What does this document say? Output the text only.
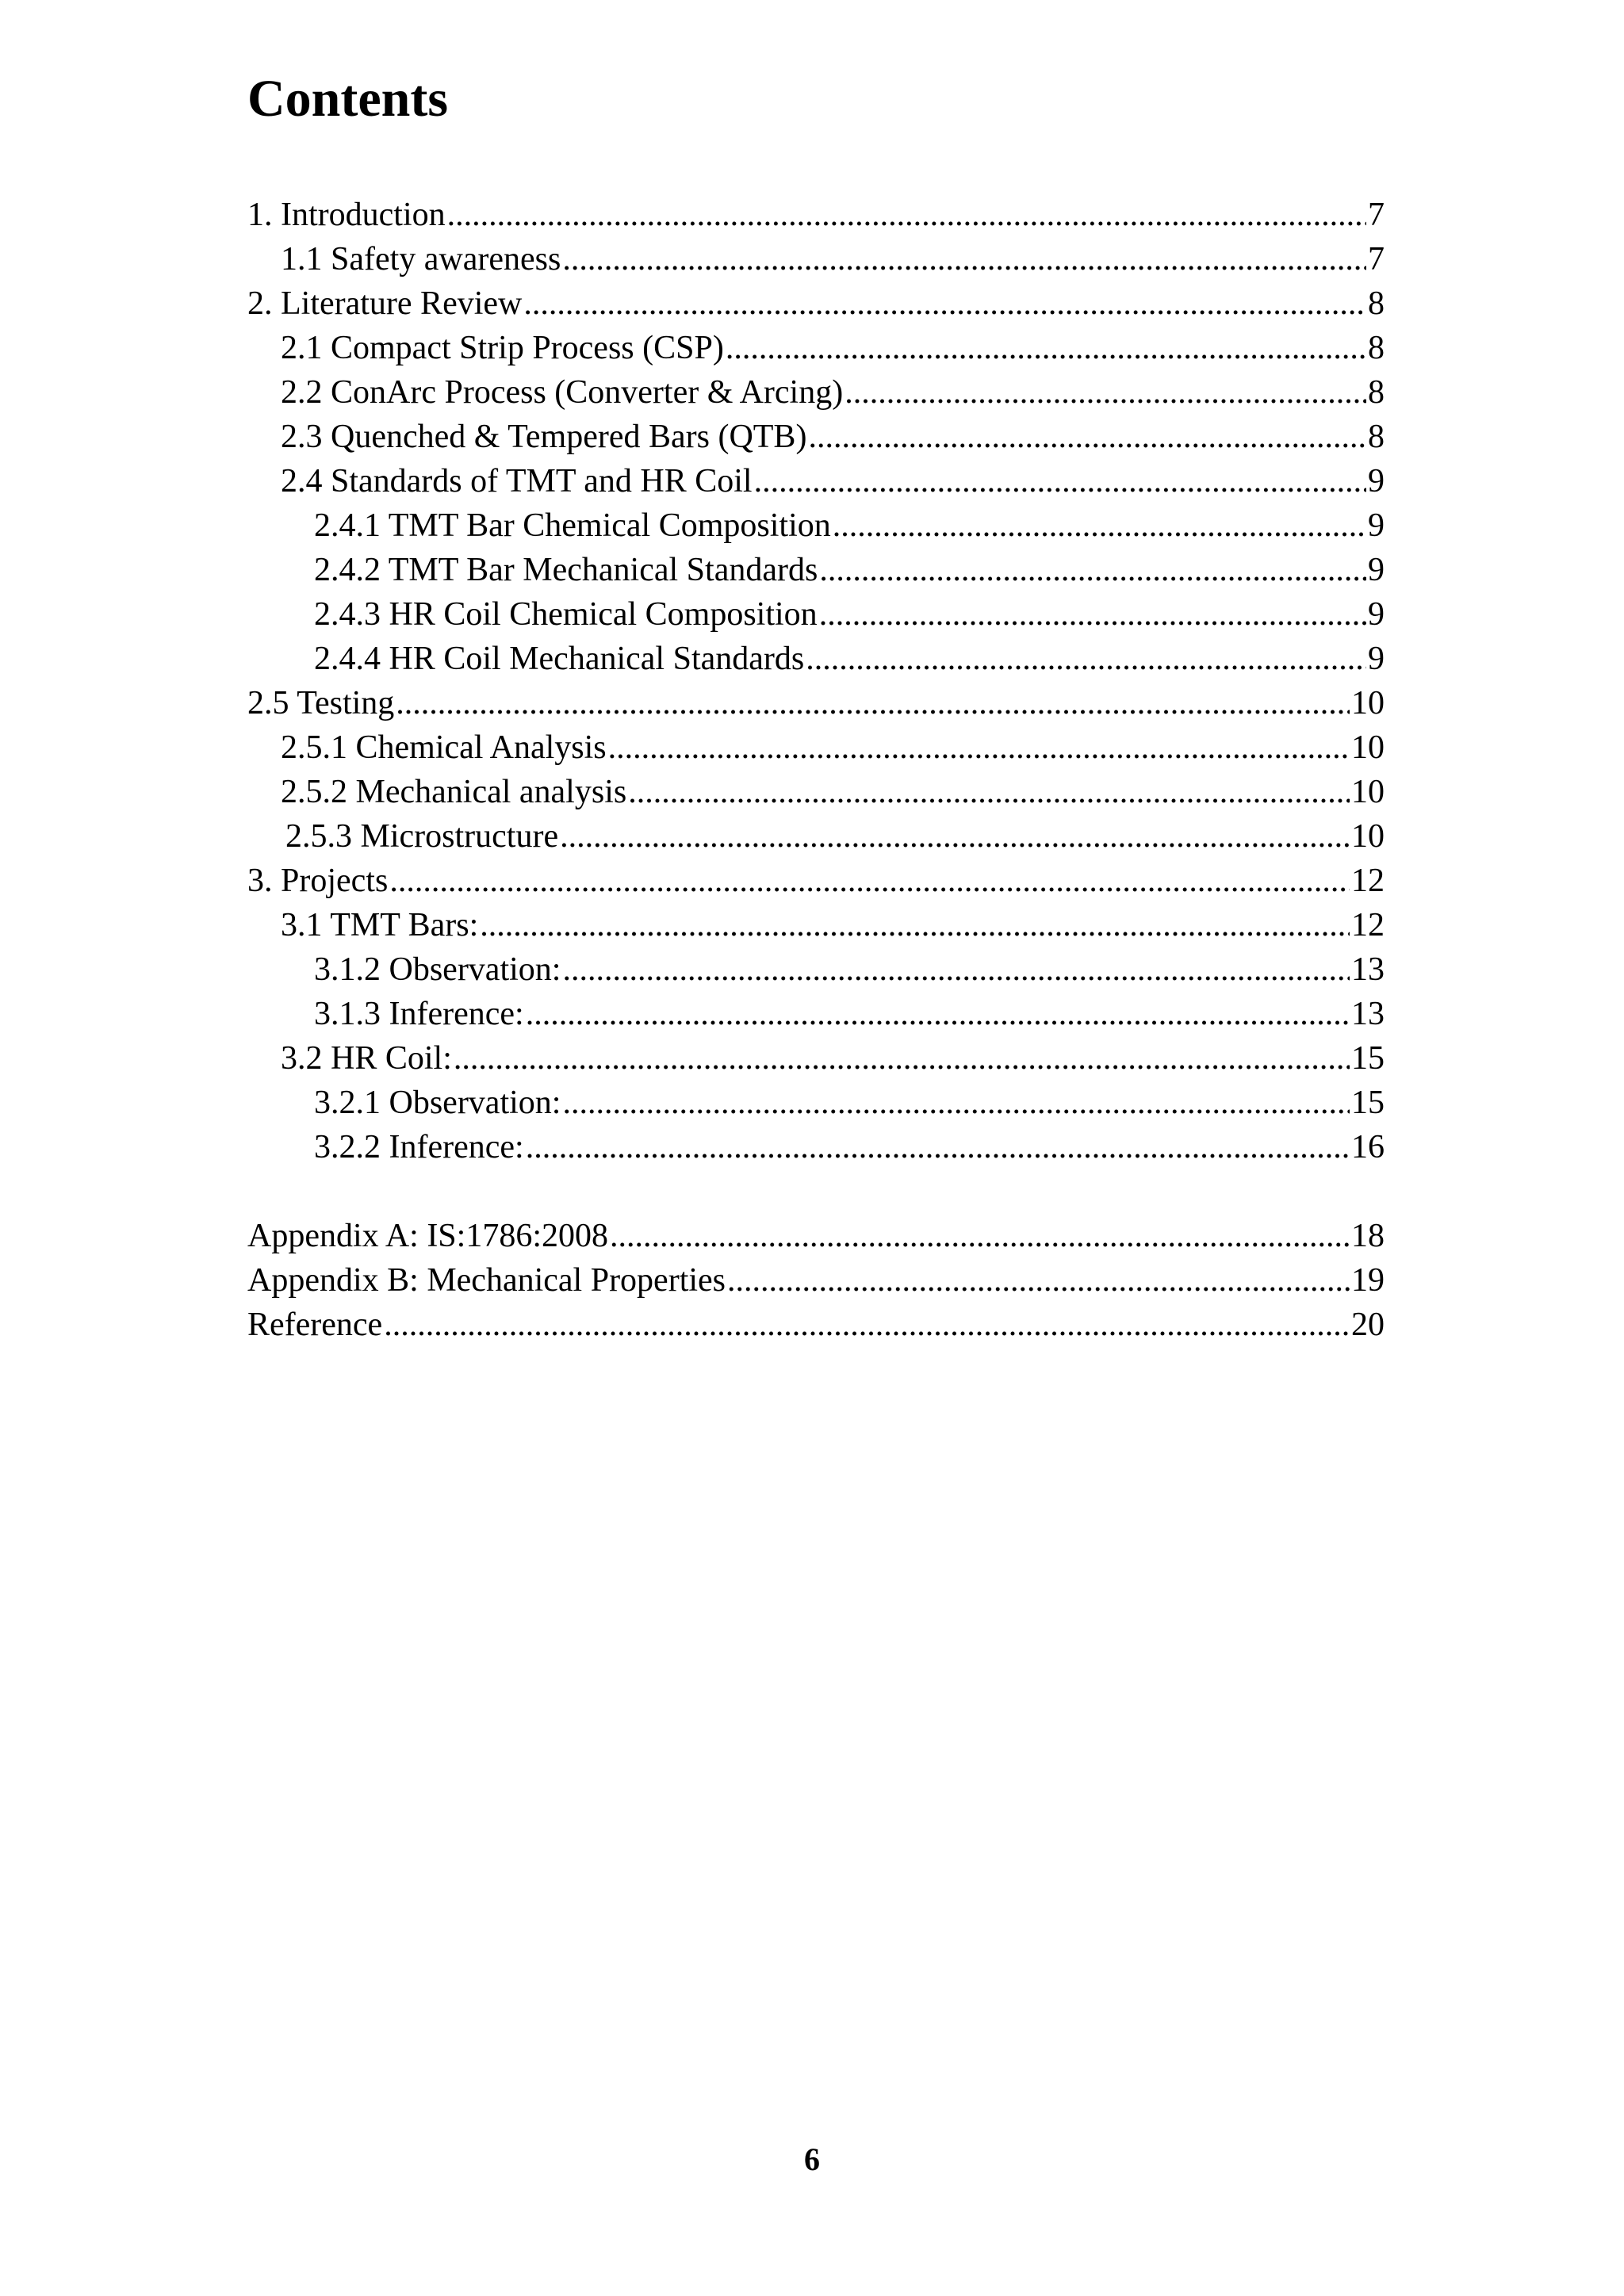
Contents
1. Introduction .....	7
1.1 Safety awareness .....	7
2. Literature Review .....	8
2.1 Compact Strip Process (CSP) .....	8
2.2 ConArc Process (Converter & Arcing) .....	8
2.3 Quenched & Tempered Bars (QTB) .....	8
2.4 Standards of TMT and HR Coil .....	9
2.4.1 TMT Bar Chemical Composition .....	9
2.4.2 TMT Bar Mechanical Standards .....	9
2.4.3 HR Coil Chemical Composition .....	9
2.4.4 HR Coil Mechanical Standards .....	9
2.5 Testing .....	10
2.5.1 Chemical Analysis .....	10
2.5.2 Mechanical analysis .....	10
2.5.3 Microstructure .....	10
3. Projects .....	12
3.1 TMT Bars: .....	12
3.1.2 Observation: .....	13
3.1.3 Inference: .....	13
3.2 HR Coil: .....	15
3.2.1 Observation: .....	15
3.2.2 Inference: .....	16
Appendix A: IS:1786:2008 .....	18
Appendix B: Mechanical Properties .....	19
Reference .....	20
6
